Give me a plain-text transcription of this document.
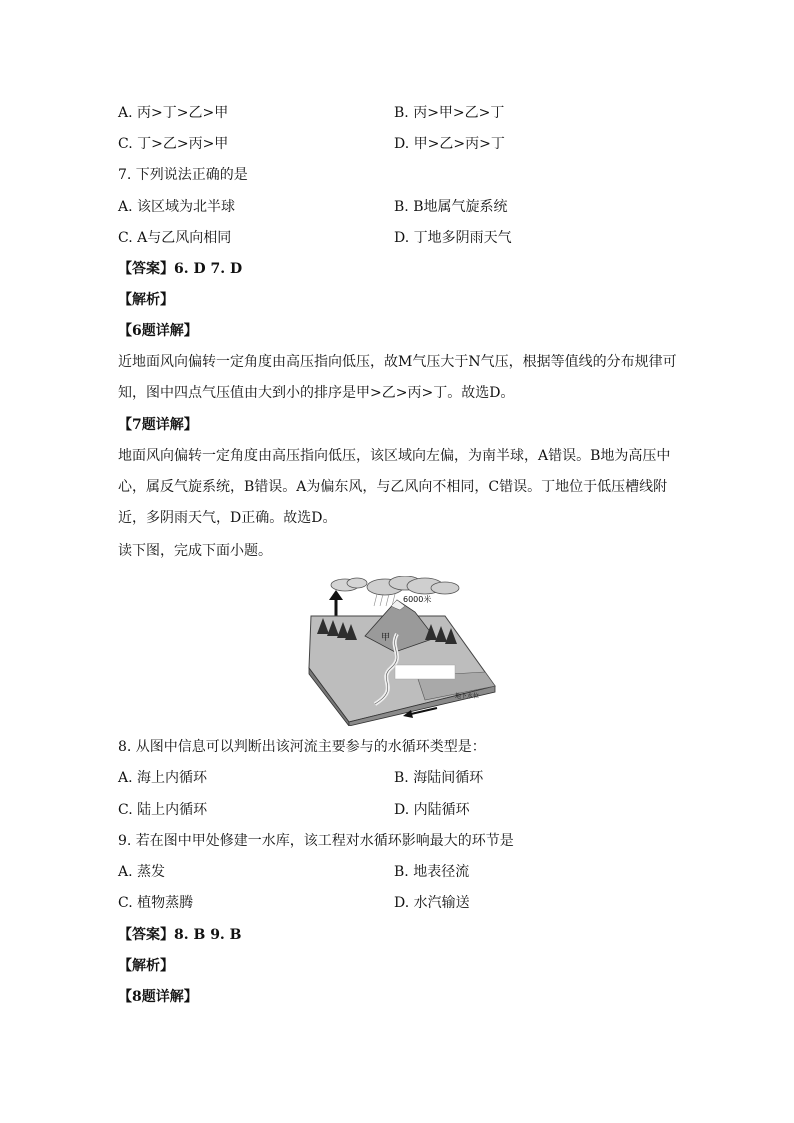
A. 丙>丁>乙>甲	B. 丙>甲>乙>丁
C. 丁>乙>丙>甲	D. 甲>乙>丙>丁
7. 下列说法正确的是
A. 该区域为北半球	B. B地属气旋系统
C. A与乙风向相同	D. 丁地多阴雨天气
【答案】6. D 7. D
【解析】
【6题详解】
近地面风向偏转一定角度由高压指向低压，故M气压大于N气压，根据等值线的分布规律可知，图中四点气压值由大到小的排序是甲>乙>丙>丁。故选D。
【7题详解】
地面风向偏转一定角度由高压指向低压，该区域向左偏，为南半球，A错误。B地为高压中心，属反气旋系统，B错误。A为偏东风，与乙风向不相同，C错误。丁地位于低压槽线附近，多阴雨天气，D正确。故选D。
读下图，完成下面小题。
6000米
甲
地下水位
8. 从图中信息可以判断出该河流主要参与的水循环类型是：
A. 海上内循环	B. 海陆间循环
C. 陆上内循环	D. 内陆循环
9. 若在图中甲处修建一水库，该工程对水循环影响最大的环节是
A. 蒸发	B. 地表径流
C. 植物蒸腾	D. 水汽输送
【答案】8. B 9. B
【解析】
【8题详解】
